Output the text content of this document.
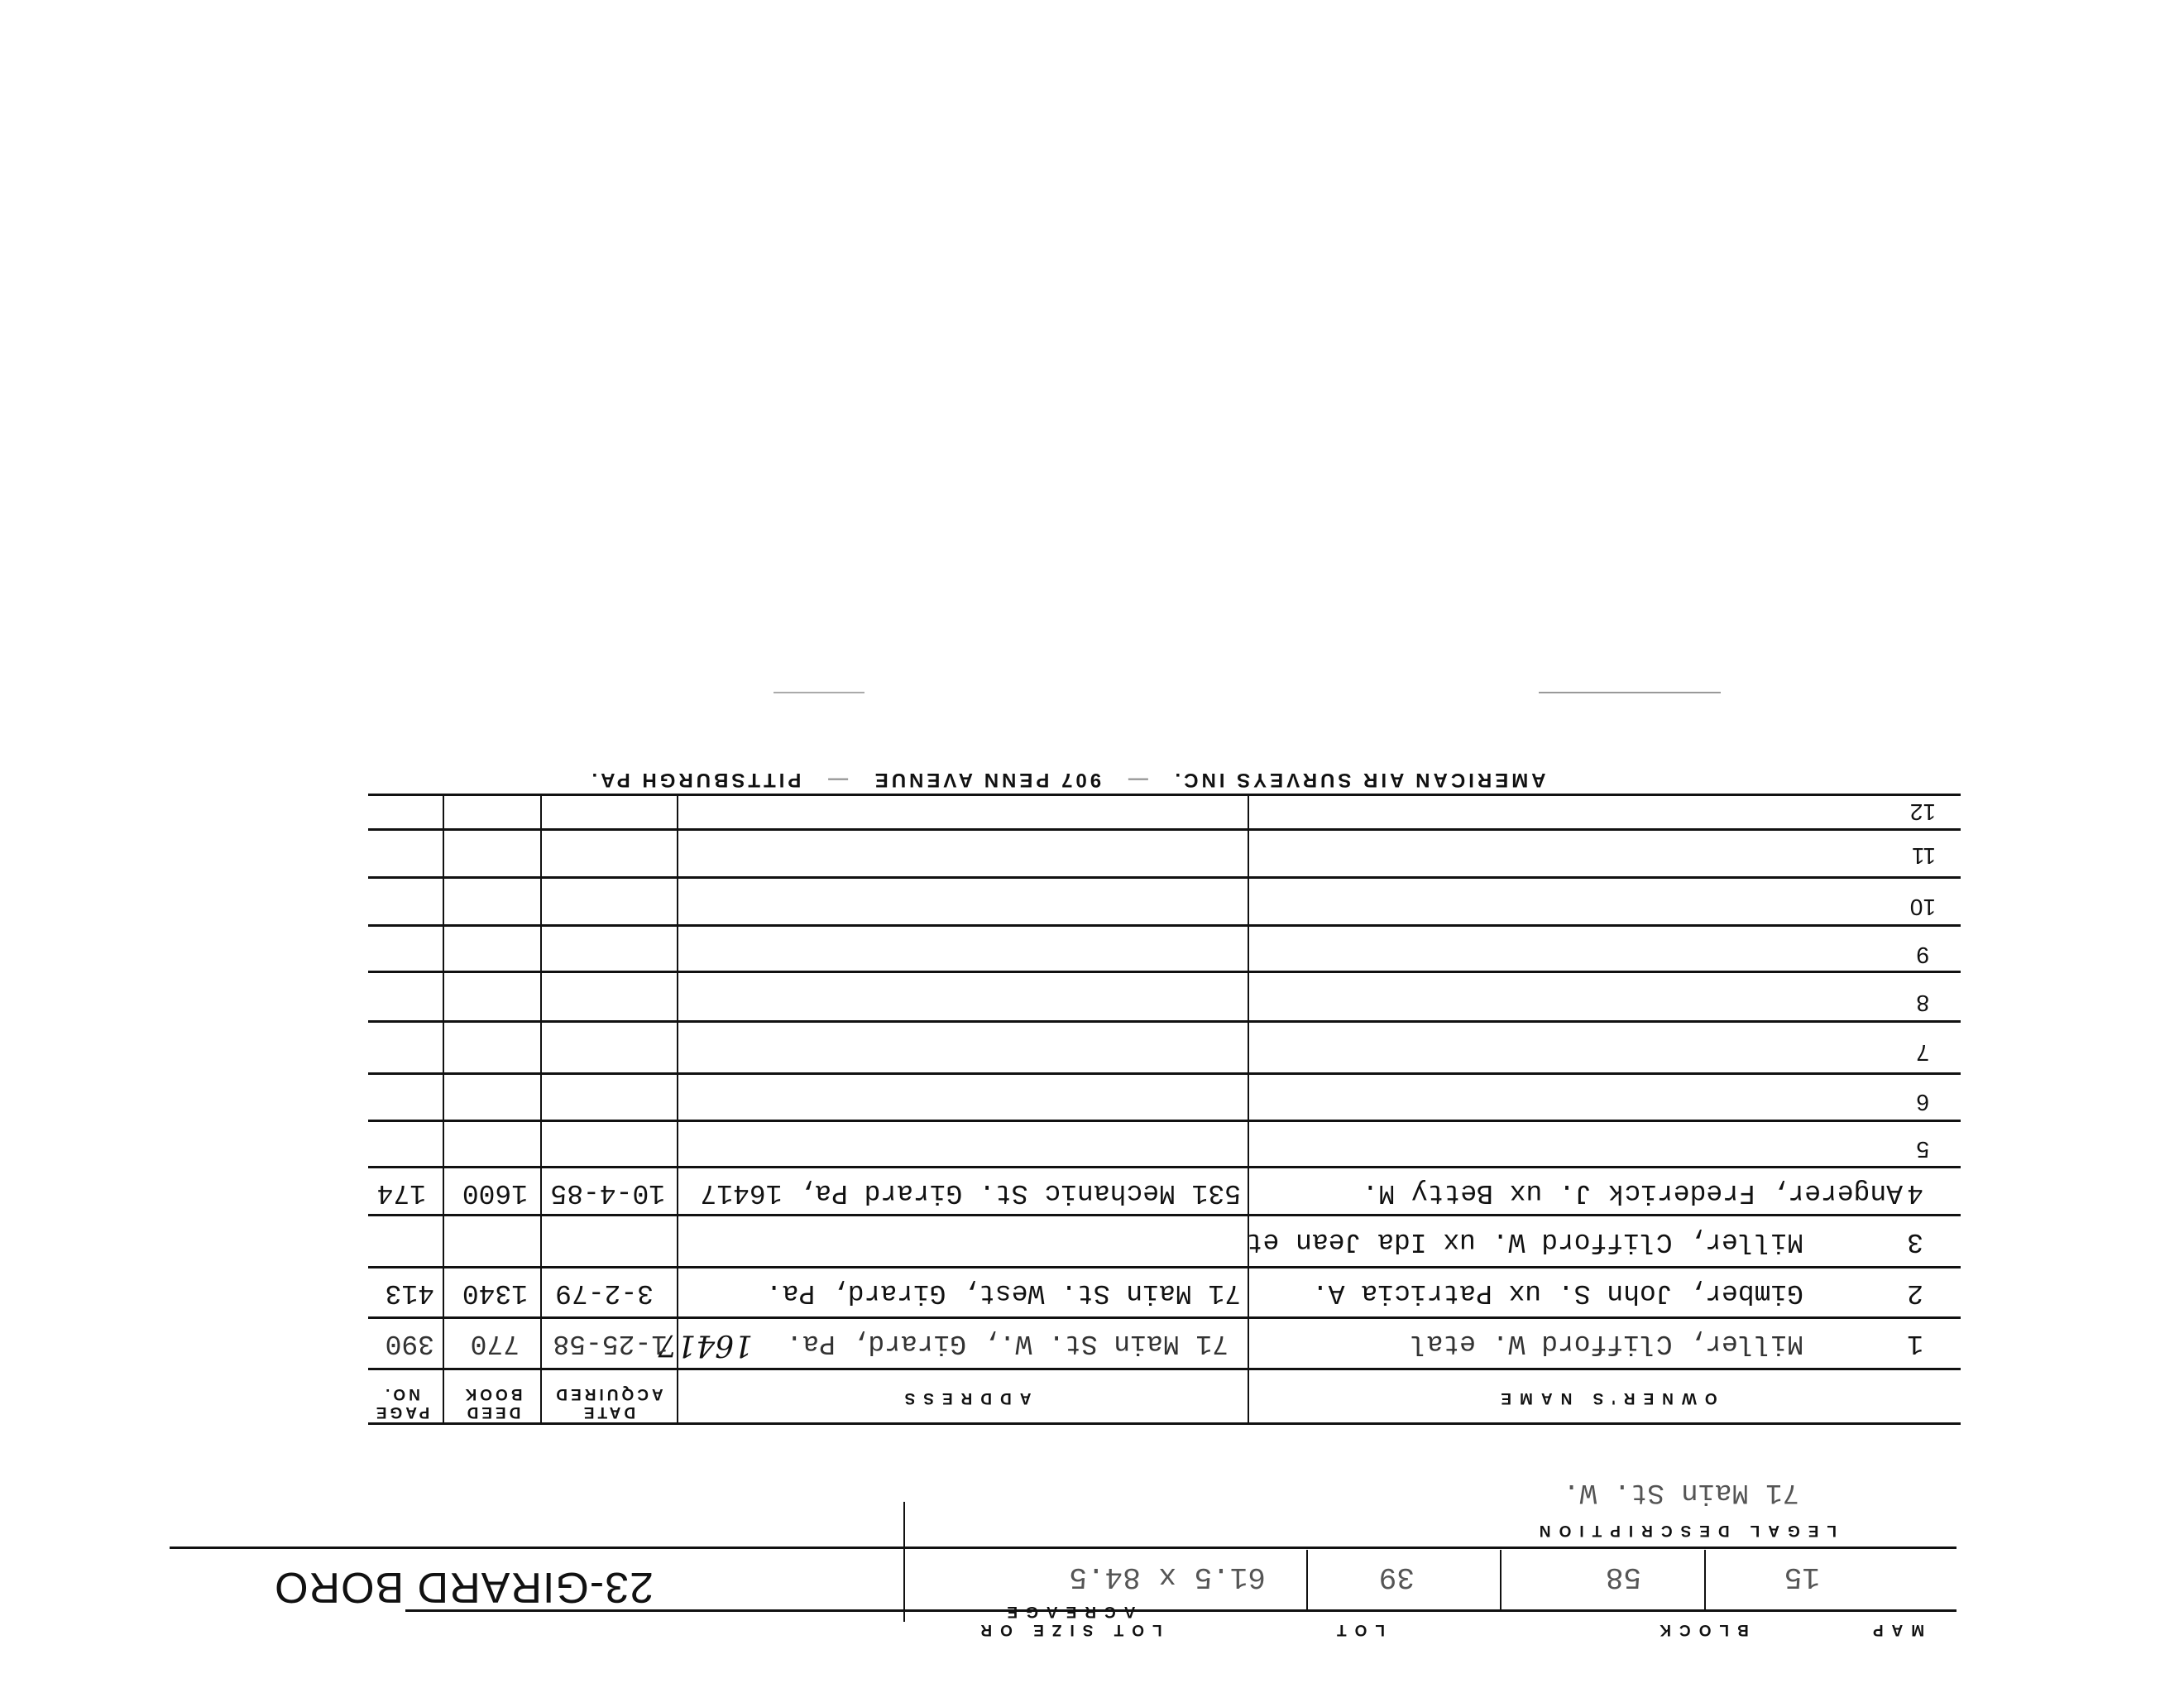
MAP
BLOCK
LOT
LOT SIZE OR
15
58
39
61.5 x 84.5
23-GIRARD BORO
LEGAL DESCRIPTION
71 Main St. W.
OWNER'S NAME
ADDRESS
DATE ACQUIRED
DEED BOOK
PAGE NO.
1
Miller, Clifford W. etal
71 Main St. W., Girard, Pa.
16417
1-25-58
770
390
2
Gimber, John S. ux Patricia A.
71 Main St. West, Girard, Pa.
3-2-79
1340
413
3
Miller, Clifford W. ux Ida Jean et
4
Angerer, Frederick J. ux Betty M.
531 Mechanic St. Girard Pa, 16417
10-4-85
1600
174
5
6
7
8
9
10
11
12
AMERICAN AIR SURVEYS INC. — 907 PENN AVENUE — PITTSBURGH PA.
